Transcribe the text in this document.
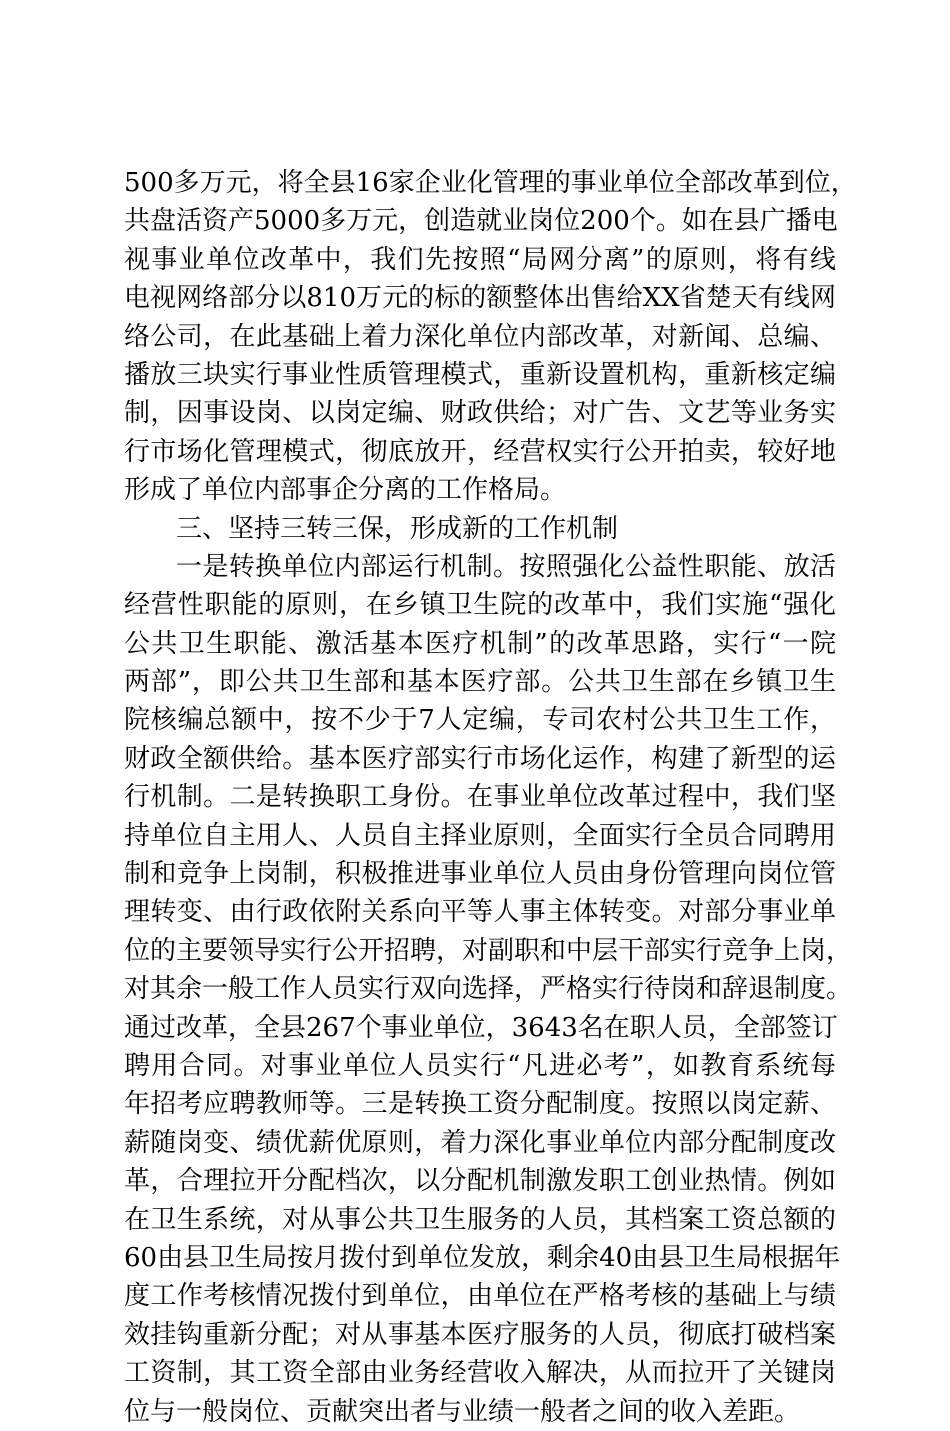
500多万元，将全县16家企业化管理的事业单位全部改革到位，
共盘活资产5000多万元，创造就业岗位200个。如在县广播电
视事业单位改革中，我们先按照“局网分离”的原则，将有线
电视网络部分以810万元的标的额整体出售给XX省楚天有线网
络公司，在此基础上着力深化单位内部改革，对新闻、总编、
播放三块实行事业性质管理模式，重新设置机构，重新核定编
制，因事设岗、以岗定编、财政供给；对广告、文艺等业务实
行市场化管理模式，彻底放开，经营权实行公开拍卖，较好地
形成了单位内部事企分离的工作格局。
三、坚持三转三保，形成新的工作机制
一是转换单位内部运行机制。按照强化公益性职能、放活
经营性职能的原则，在乡镇卫生院的改革中，我们实施“强化
公共卫生职能、激活基本医疗机制”的改革思路，实行“一院
两部”，即公共卫生部和基本医疗部。公共卫生部在乡镇卫生
院核编总额中，按不少于7人定编，专司农村公共卫生工作，
财政全额供给。基本医疗部实行市场化运作，构建了新型的运
行机制。二是转换职工身份。在事业单位改革过程中，我们坚
持单位自主用人、人员自主择业原则，全面实行全员合同聘用
制和竞争上岗制，积极推进事业单位人员由身份管理向岗位管
理转变、由行政依附关系向平等人事主体转变。对部分事业单
位的主要领导实行公开招聘，对副职和中层干部实行竞争上岗，
对其余一般工作人员实行双向选择，严格实行待岗和辞退制度。
通过改革，全县267个事业单位，3643名在职人员，全部签订
聘用合同。对事业单位人员实行“凡进必考”，如教育系统每
年招考应聘教师等。三是转换工资分配制度。按照以岗定薪、
薪随岗变、绩优薪优原则，着力深化事业单位内部分配制度改
革，合理拉开分配档次，以分配机制激发职工创业热情。例如
在卫生系统，对从事公共卫生服务的人员，其档案工资总额的
60由县卫生局按月拨付到单位发放，剩余40由县卫生局根据年
度工作考核情况拨付到单位，由单位在严格考核的基础上与绩
效挂钩重新分配；对从事基本医疗服务的人员，彻底打破档案
工资制，其工资全部由业务经营收入解决，从而拉开了关键岗
位与一般岗位、贡献突出者与业绩一般者之间的收入差距。
